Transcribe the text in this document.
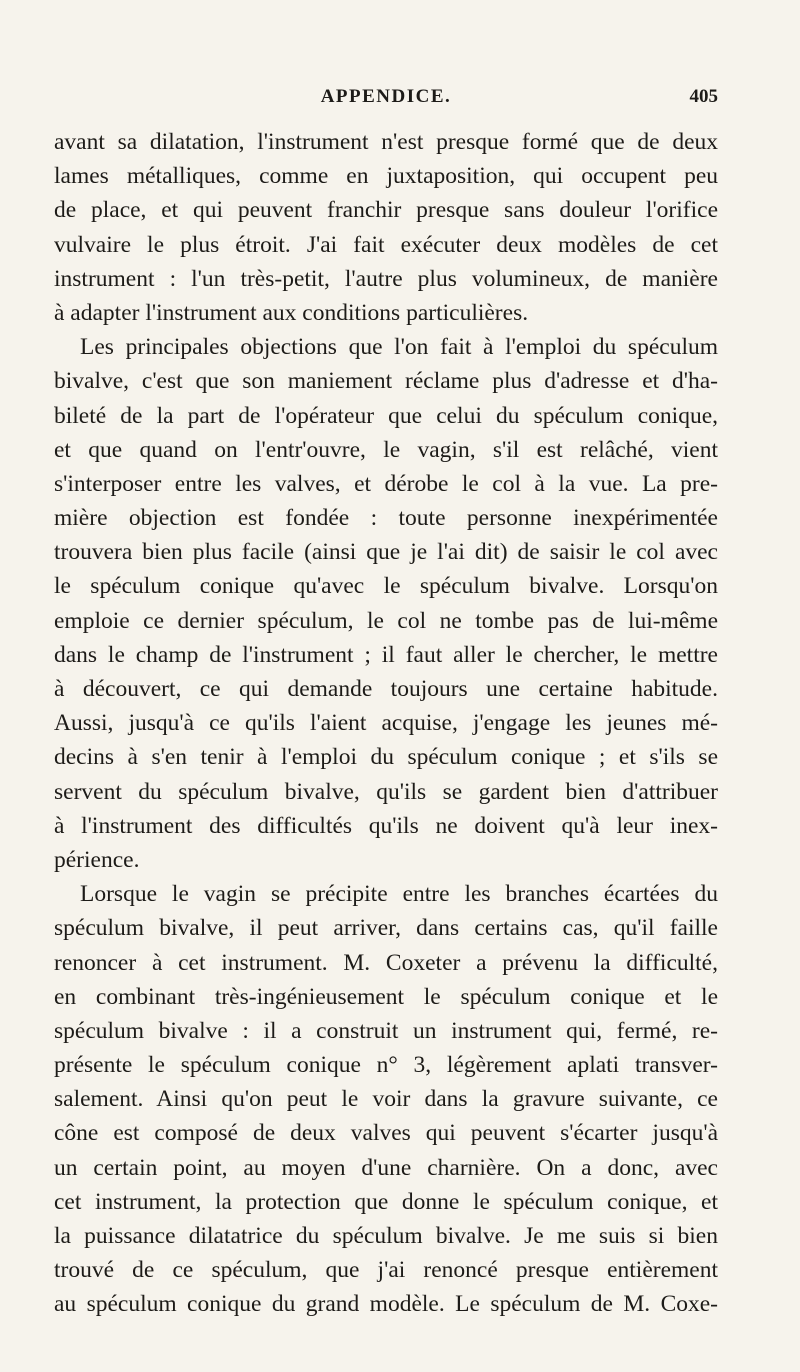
APPENDICE.	405
avant sa dilatation, l'instrument n'est presque formé que de deux
lames métalliques, comme en juxtaposition, qui occupent peu
de place, et qui peuvent franchir presque sans douleur l'orifice
vulvaire le plus étroit. J'ai fait exécuter deux modèles de cet
instrument : l'un très-petit, l'autre plus volumineux, de manière
à adapter l'instrument aux conditions particulières.
Les principales objections que l'on fait à l'emploi du spéculum
bivalve, c'est que son maniement réclame plus d'adresse et d'ha-
bileté de la part de l'opérateur que celui du spéculum conique,
et que quand on l'entr'ouvre, le vagin, s'il est relâché, vient
s'interposer entre les valves, et dérobe le col à la vue. La pre-
mière objection est fondée : toute personne inexpérimentée
trouvera bien plus facile (ainsi que je l'ai dit) de saisir le col avec
le spéculum conique qu'avec le spéculum bivalve. Lorsqu'on
emploie ce dernier spéculum, le col ne tombe pas de lui-même
dans le champ de l'instrument ; il faut aller le chercher, le mettre
à découvert, ce qui demande toujours une certaine habitude.
Aussi, jusqu'à ce qu'ils l'aient acquise, j'engage les jeunes mé-
decins à s'en tenir à l'emploi du spéculum conique ; et s'ils se
servent du spéculum bivalve, qu'ils se gardent bien d'attribuer
à l'instrument des difficultés qu'ils ne doivent qu'à leur inex-
périence.
Lorsque le vagin se précipite entre les branches écartées du
spéculum bivalve, il peut arriver, dans certains cas, qu'il faille
renoncer à cet instrument. M. Coxeter a prévenu la difficulté,
en combinant très-ingénieusement le spéculum conique et le
spéculum bivalve : il a construit un instrument qui, fermé, re-
présente le spéculum conique n° 3, légèrement aplati transver-
salement. Ainsi qu'on peut le voir dans la gravure suivante, ce
cône est composé de deux valves qui peuvent s'écarter jusqu'à
un certain point, au moyen d'une charnière. On a donc, avec
cet instrument, la protection que donne le spéculum conique, et
la puissance dilatatrice du spéculum bivalve. Je me suis si bien
trouvé de ce spéculum, que j'ai renoncé presque entièrement
au spéculum conique du grand modèle. Le spéculum de M. Coxe-
